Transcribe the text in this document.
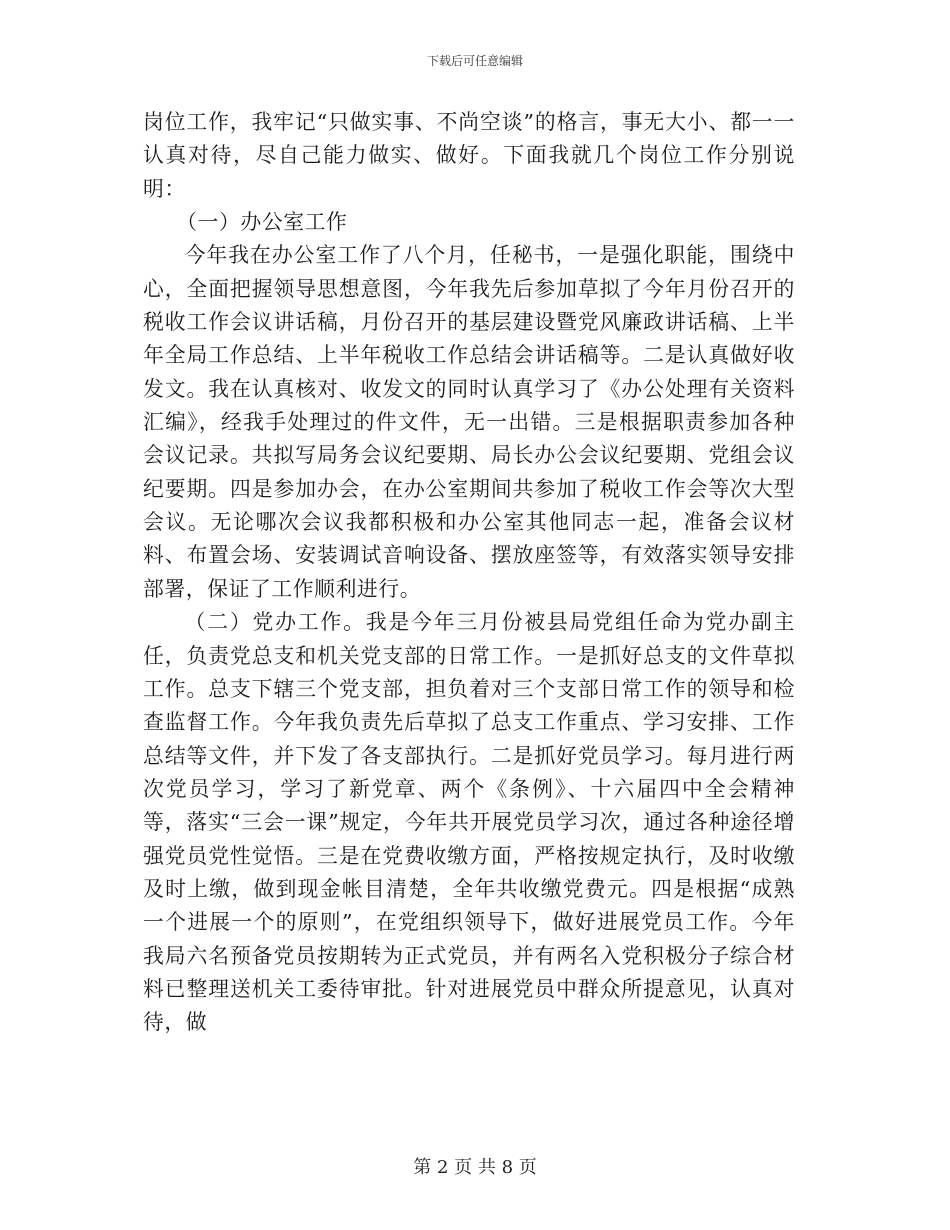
下载后可任意编辑

岗位工作，我牢记“只做实事、不尚空谈”的格言，事无大小、都一一认真对待，尽自己能力做实、做好。下面我就几个岗位工作分别说明：

（一）办公室工作

今年我在办公室工作了八个月，任秘书，一是强化职能，围绕中心，全面把握领导思想意图，今年我先后参加草拟了今年月份召开的税收工作会议讲话稿，月份召开的基层建设暨党风廉政讲话稿、上半年全局工作总结、上半年税收工作总结会讲话稿等。二是认真做好收发文。我在认真核对、收发文的同时认真学习了《办公处理有关资料汇编》，经我手处理过的件文件，无一出错。三是根据职责参加各种会议记录。共拟写局务会议纪要期、局长办公会议纪要期、党组会议纪要期。四是参加办会，在办公室期间共参加了税收工作会等次大型会议。无论哪次会议我都积极和办公室其他同志一起，准备会议材料、布置会场、安装调试音响设备、摆放座签等，有效落实领导安排部署，保证了工作顺利进行。

（二）党办工作。我是今年三月份被县局党组任命为党办副主任，负责党总支和机关党支部的日常工作。一是抓好总支的文件草拟工作。总支下辖三个党支部，担负着对三个支部日常工作的领导和检查监督工作。今年我负责先后草拟了总支工作重点、学习安排、工作总结等文件，并下发了各支部执行。二是抓好党员学习。每月进行两次党员学习，学习了新党章、两个《条例》、十六届四中全会精神等，落实“三会一课”规定，今年共开展党员学习次，通过各种途径增强党员党性觉悟。三是在党费收缴方面，严格按规定执行，及时收缴及时上缴，做到现金帐目清楚，全年共收缴党费元。四是根据“成熟一个进展一个的原则”，在党组织领导下，做好进展党员工作。今年我局六名预备党员按期转为正式党员，并有两名入党积极分子综合材料已整理送机关工委待审批。针对进展党员中群众所提意见，认真对待，做

第 2 页 共 8 页
